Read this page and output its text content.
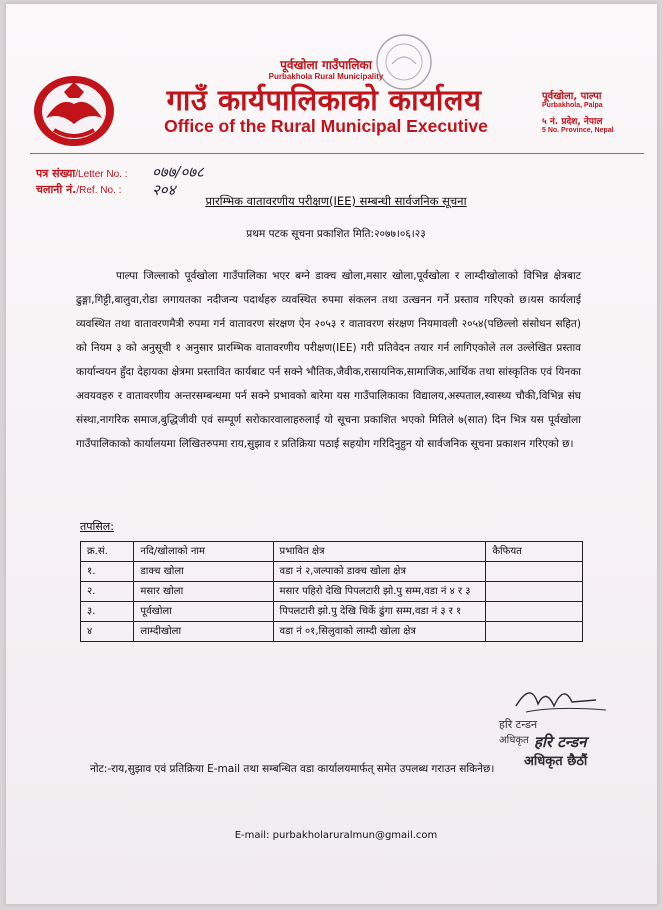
पूर्वखोला गाउँपालिका
Purbakhola Rural Municipality
गाउँ कार्यपालिकाको कार्यालय
Office of the Rural Municipal Executive
पूर्वखोला, पाल्पा
Purbakhola, Palpa
५ नं. प्रदेश, नेपाल
5 No. Province, Nepal
पत्र संख्या/Letter No. : ०७७/०७८
चलानी नं./Ref. No. : २०४
प्रारम्भिक वातावरणीय परीक्षण(IEE) सम्बन्धी सार्वजनिक सूचना
प्रथम पटक सूचना प्रकाशित मिति:२०७७।०६।२३

पाल्पा जिल्लाको पूर्वखोला गाउँपालिका भएर बग्ने डाक्च खोला,मसार खोला,पूर्वखोला र लाम्दीखोलाको विभिन्न क्षेत्रबाट ढुङ्गा,गिट्टी,बालुवा,रोडा लगायतका नदीजन्य पदार्थहरु व्यवस्थित रुपमा संकलन तथा उत्खनन गर्ने प्रस्ताव गरिएको छ।यस कार्यलाई व्यवस्थित तथा वातावरणमैत्री रुपमा गर्न वातावरण संरक्षण ऐन २०५३ र वातावरण संरक्षण नियमावली २०५४(पछिल्लो संसोधन सहित) को नियम ३ को अनुसूची १ अनुसार प्रारम्भिक वातावरणीय परीक्षण(IEE) गरी प्रतिवेदन तयार गर्न लागिएकोले तल उल्लेखित प्रस्ताव कार्यान्वयन हुँदा देहायका क्षेत्रमा प्रस्तावित कार्यबाट पर्न सक्ने भौतिक,जैवीक,रासायनिक,सामाजिक,आर्थिक तथा सांस्कृतिक एवं यिनका अवयवहरु र वातावरणीय अन्तरसम्बन्धमा पर्न सक्ने प्रभावको बारेमा यस गाउँपालिकाका विद्यालय,अस्पताल,स्वास्थ्य चौकी,विभिन्न संघ संस्था,नागरिक समाज,बुद्धिजीवी एवं सम्पूर्ण सरोकारवालाहरुलाई यो सूचना प्रकाशित भएको मितिले ७(सात) दिन भित्र यस पूर्वखोला गाउँपालिकाको कार्यालयमा लिखितरुपमा राय,सुझाव र प्रतिक्रिया पठाई सहयोग गरिदिनुहुन यो सार्वजनिक सूचना प्रकाशन गरिएको छ।

तपसिल:
क्र.सं.	नदि/खोलाको नाम	प्रभावित क्षेत्र	कैफियत
१.	डाक्च खोला	वडा नं २,जल्पाको डाक्च खोला क्षेत्र	
२.	मसार खोला	मसार पहिरो देखि पिपलटारी झो.पु सम्म,वडा नं ४ र ३	
३.	पूर्वखोला	पिपलटारी झो.पु देखि चिर्के ढुंगा सम्म,वडा नं ३ र १	
४	लाम्दीखोला	वडा नं ०१,सिलुवाको लाम्दी खोला क्षेत्र	
हरि टन्डन
अधिकृत हरि टन्डन
अधिकृत छैठौं
नोट:-राय,सुझाव एवं प्रतिक्रिया E-mail तथा सम्बन्धित वडा कार्यालयमार्फत् समेत उपलब्ध गराउन सकिनेछ।
E-mail: purbakholaruralmun@gmail.com
